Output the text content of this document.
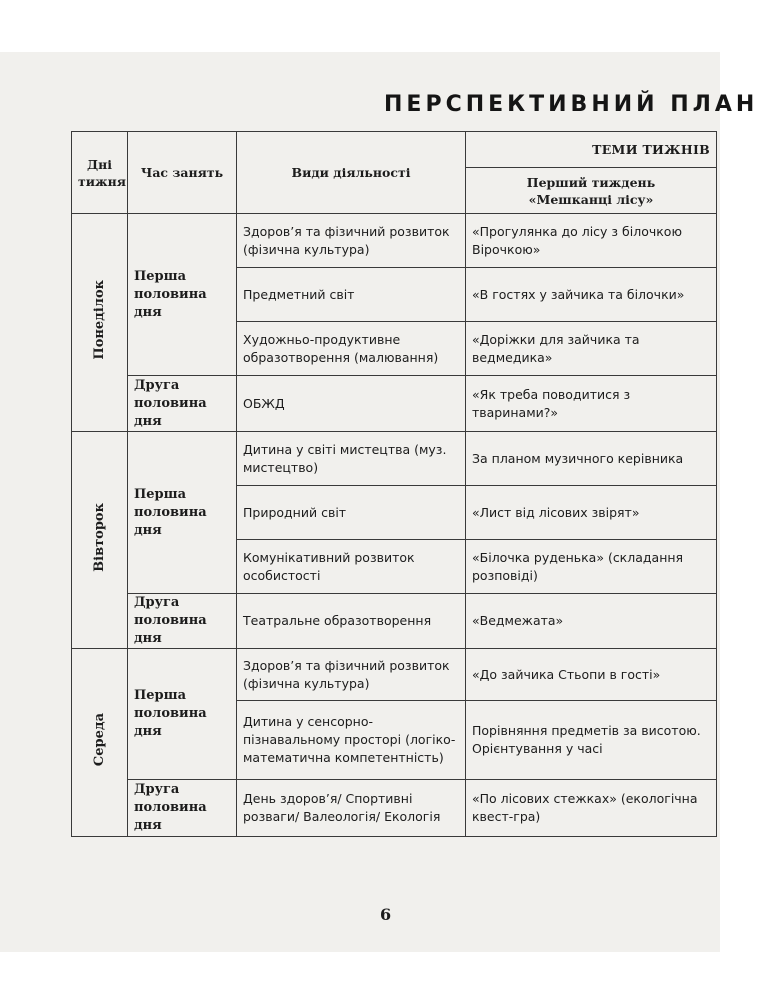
ПЕРСПЕКТИВНИЙ ПЛАН
Дні
тижня	Час занять	Види діяльності	ТЕМИ ТИЖНІВ
			Перший тиждень
«Мешканці лісу»
Понеділок	Перша половина дня	Здоров’я та фізичний розвиток (фізична культура)	«Прогулянка до лісу з білочкою Вірочкою»
		Предметний світ	«В гостях у зайчика та білочки»
		Художньо-продуктивне образотворення (малювання)	«Доріжки для зайчика та ведмедика»
	Друга половина дня	ОБЖД	«Як треба поводитися з тваринами?»
Вівторок	Перша половина дня	Дитина у світі мистецтва (муз. мистецтво)	За планом музичного керівника
		Природний світ	«Лист від лісових звірят»
		Комунікативний розвиток особистості	«Білочка руденька» (складання розповіді)
	Друга половина дня	Театральне образотворення	«Ведмежата»
Середа	Перша половина дня	Здоров’я та фізичний розвиток (фізична культура)	«До зайчика Стьопи в гості»
		Дитина у сенсорно-пізнавальному просторі (логіко-математична компетентність)	Порівняння предметів за висотою. Орієнтування у часі
	Друга половина дня	День здоров’я/ Спортивні розваги/ Валеологія/ Екологія	«По лісових стежках» (екологічна квест-гра)
6
